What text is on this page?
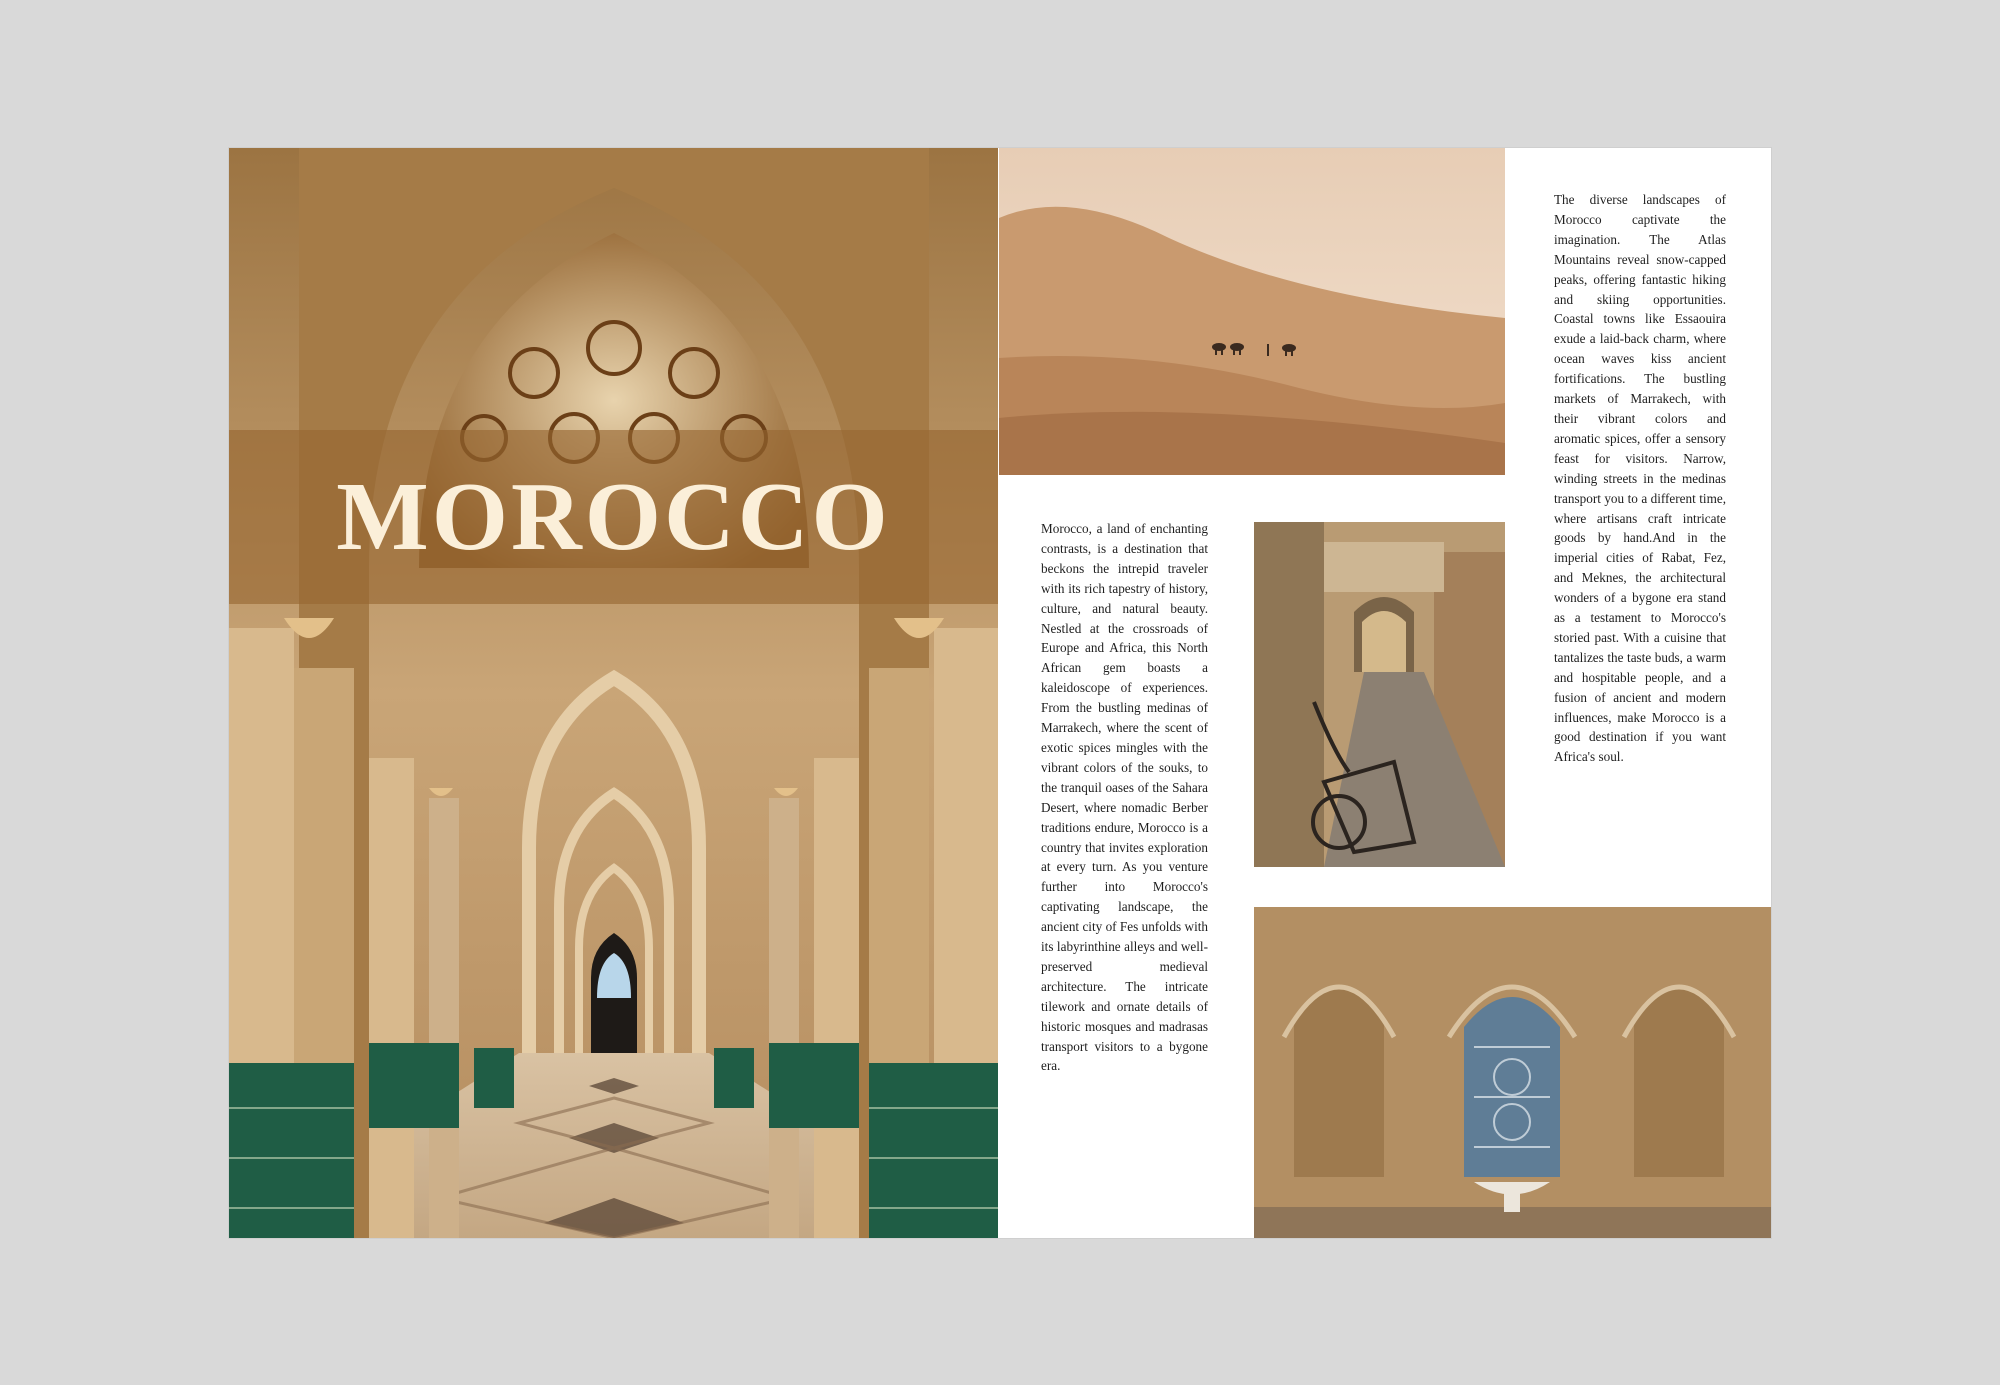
MOROCCO	Morocco, a land of enchanting contrasts, is a destination that beckons the intrepid traveler with its rich tapestry of history, culture, and natural beauty. Nestled at the crossroads of Europe and Africa, this North African gem boasts a kaleidoscope of experiences. From the bustling medinas of Marrakech, where the scent of exotic spices mingles with the vibrant colors of the souks, to the tranquil oases of the Sahara Desert, where nomadic Berber traditions endure, Morocco is a country that invites exploration at every turn. As you venture further into Morocco's captivating landscape, the ancient city of Fes unfolds with its labyrinthine alleys and well-preserved medieval architecture. The intricate tilework and ornate details of historic mosques and madrasas transport visitors to a bygone era.

The diverse landscapes of Morocco captivate the imagination. The Atlas Mountains reveal snow-capped peaks, offering fantastic hiking and skiing opportunities. Coastal towns like Essaouira exude a laid-back charm, where ocean waves kiss ancient fortifications. The bustling markets of Marrakech, with their vibrant colors and aromatic spices, offer a sensory feast for visitors. Narrow, winding streets in the medinas transport you to a different time, where artisans craft intricate goods by hand.And in the imperial cities of Rabat, Fez, and Meknes, the architectural wonders of a bygone era stand as a testament to Morocco's storied past. With a cuisine that tantalizes the taste buds, a warm and hospitable people, and a fusion of ancient and modern influences, make Morocco is a good destination if you want Africa's soul.
